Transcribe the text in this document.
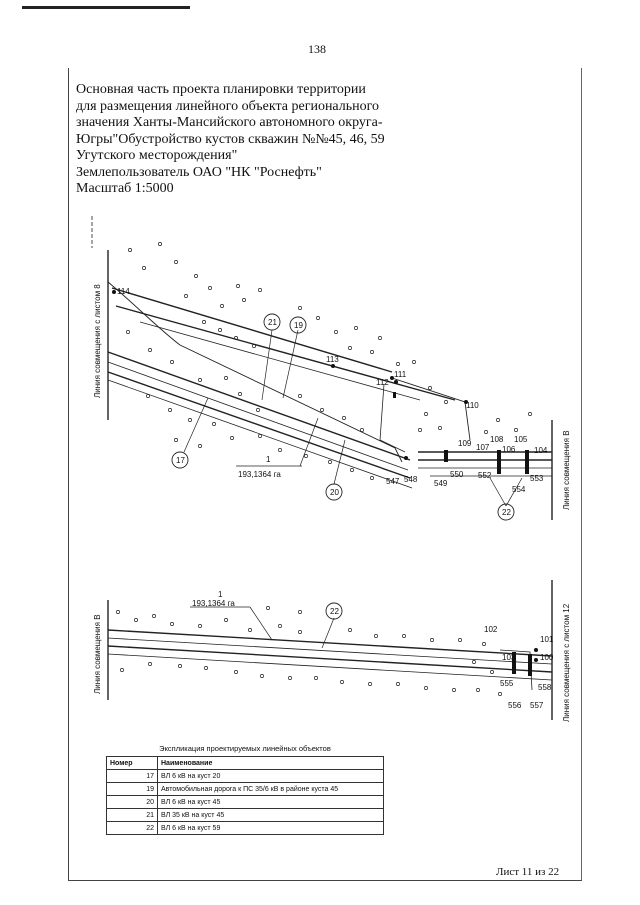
138
Основная часть проекта планировки территории
для размещения линейного объекта регионального
значения Ханты-Мансийского автономного округа-
Югры"Обустройство кустов скважин №№45, 46, 59
Угутского месторождения"
Землепользователь ОАО "НК "Роснефть"
Масштаб 1:5000
Линия совмещения с листом 8
Линия совмещения В
21 19
17
20
22
1
193,1364 га
114
113
112
111
110
109 108
107 106
105
104
550 552	553
554
547 548 549
Линия совмещения В	Линия совмещения с листом 12
1
193,1364 га
22
102
101
103	100
555	558
556 557
Экспликация проектируемых линейных объектов
Номер	Наименование
17	ВЛ 6 кВ на куст 20
19	Автомобильная дорога к ПС 35/6 кВ в районе куста 45
20	ВЛ 6 кВ на куст 45
21	ВЛ 35 кВ на куст 45
22	ВЛ 6 кВ на куст 59
Лист 11 из 22
